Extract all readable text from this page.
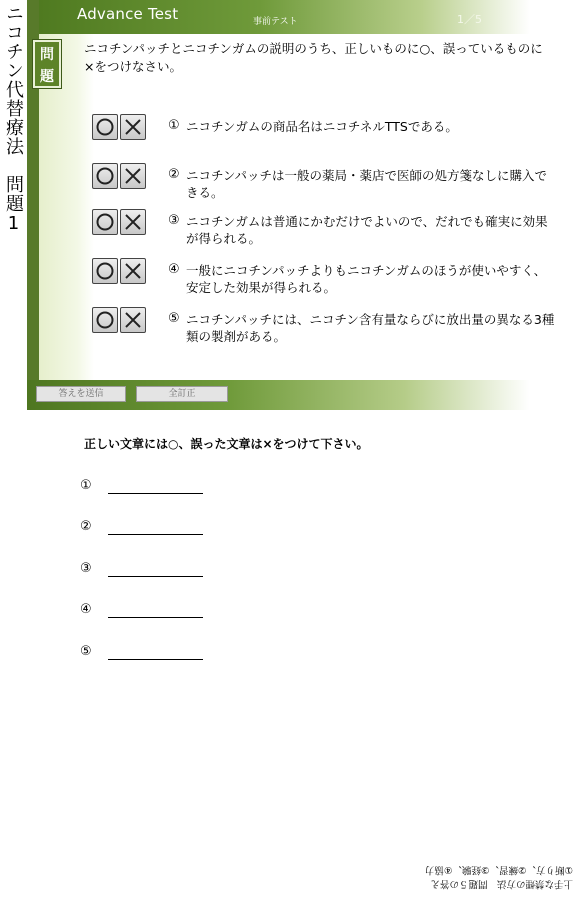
ニコチン代替療法　問題1	Advance Test	事前テスト	1／5
問
題
ニコチンパッチとニコチンガムの説明のうち、正しいものに○、誤っているものに×をつけなさい。
① ニコチンガムの商品名はニコチネルTTSである。
② ニコチンパッチは一般の薬局・薬店で医師の処方箋なしに購入できる。
③ ニコチンガムは普通にかむだけでよいので、だれでも確実に効果が得られる。
④ 一般にニコチンパッチよりもニコチンガムのほうが使いやすく、安定した効果が得られる。
⑤ ニコチンパッチには、ニコチン含有量ならびに放出量の異なる3種類の製剤がある。
答えを送信	全訂正
正しい文章には○、誤った文章は×をつけて下さい。
①
②
③
④
⑤
上手な禁煙の方法　問題５の答え
①断り方、②練習、③経験、④協力
